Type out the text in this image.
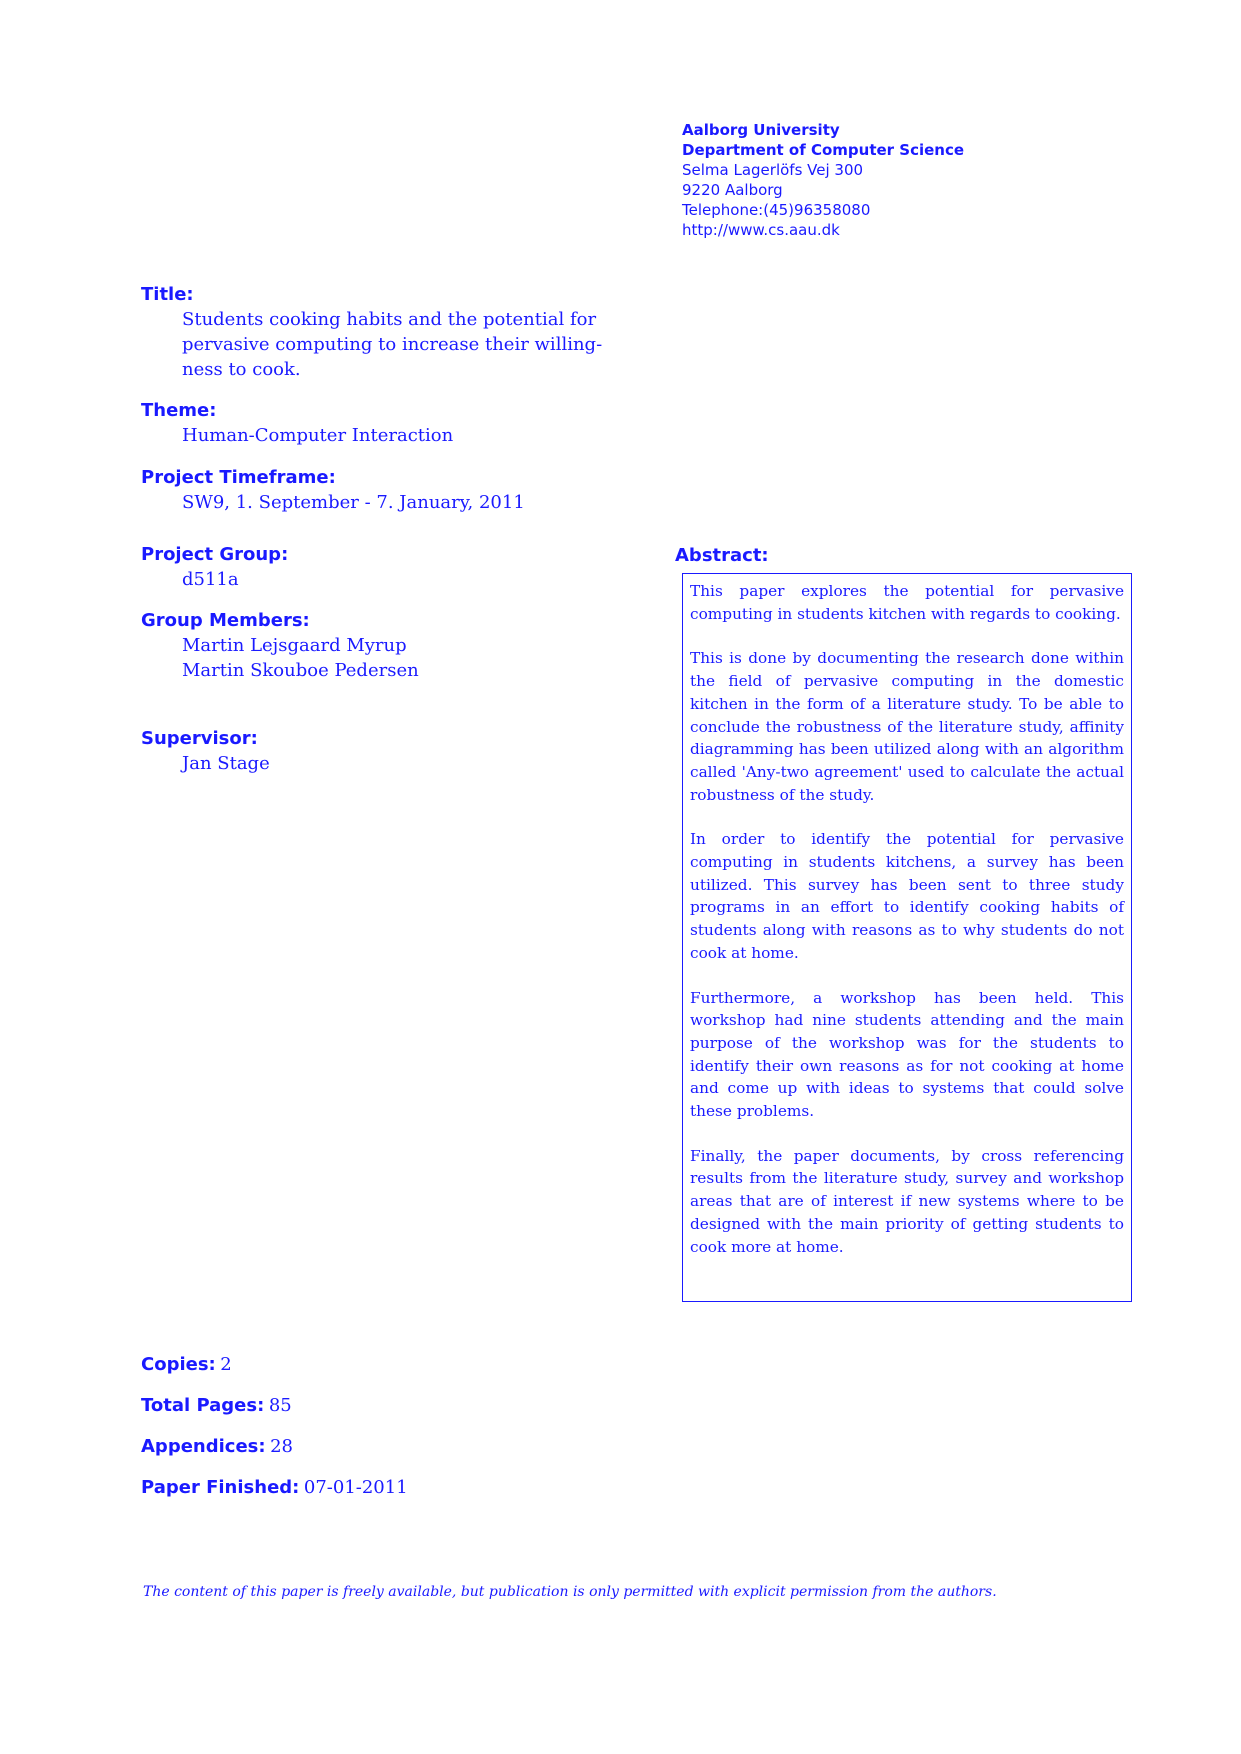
Aalborg University
Department of Computer Science
Selma Lagerlöfs Vej 300
9220 Aalborg
Telephone:(45)96358080
http://www.cs.aau.dk
Title:
Students cooking habits and the potential for
pervasive computing to increase their willing-
ness to cook.
Theme:
Human-Computer Interaction
Project Timeframe:
SW9, 1. September - 7. January, 2011
Project Group:
d511a
Group Members:
Martin Lejsgaard Myrup
Martin Skouboe Pedersen
Supervisor:
Jan Stage
Abstract:

This paper explores the potential for pervasive computing in students kitchen with regards to cooking.

This is done by documenting the research done within the field of pervasive computing in the domestic kitchen in the form of a literature study. To be able to conclude the robustness of the literature study, affinity diagramming has been utilized along with an algorithm called 'Any-two agreement' used to calculate the actual robustness of the study.

In order to identify the potential for pervasive computing in students kitchens, a survey has been utilized. This survey has been sent to three study programs in an effort to identify cooking habits of students along with reasons as to why students do not cook at home.

Furthermore, a workshop has been held. This workshop had nine students attending and the main purpose of the workshop was for the students to identify their own reasons as for not cooking at home and come up with ideas to systems that could solve these problems.

Finally, the paper documents, by cross referencing results from the literature study, survey and workshop areas that are of interest if new systems where to be designed with the main priority of getting students to cook more at home.

Copies: 2
Total Pages: 85
Appendices: 28
Paper Finished: 07-01-2011
The content of this paper is freely available, but publication is only permitted with explicit permission from the authors.
